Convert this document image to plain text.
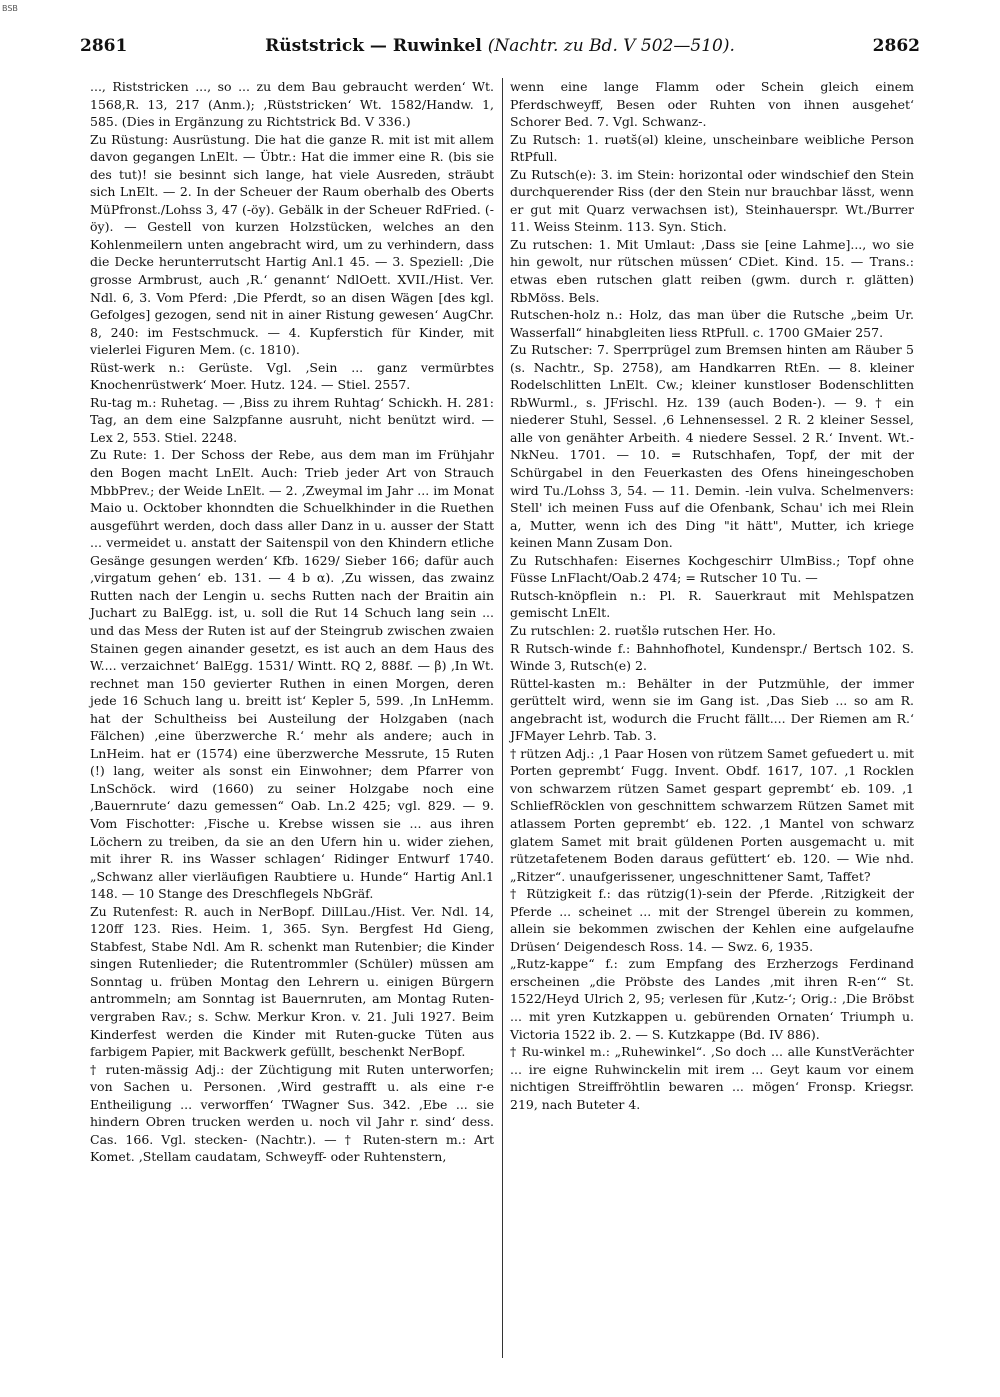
BSB
2861	Rüststrick — Ruwinkel (Nachtr. zu Bd. V 502—510).	2862

..., Riststricken ..., so ... zu dem Bau gebraucht werden‘ Wt. 1568,R. 13, 217 (Anm.); ‚Rüststricken‘ Wt. 1582/Handw. 1, 585. (Dies in Ergänzung zu Richtstrick Bd. V 336.)

Zu Rüstung: Ausrüstung. Die hat die ganze R. mit ist mit allem davon gegangen LnElt. — Übtr.: Hat die immer eine R. (bis sie des tut)! sie besinnt sich lange, hat viele Ausreden, sträubt sich LnElt. — 2. In der Scheuer der Raum oberhalb des Oberts MüPfronst./Lohss 3, 47 (-öy). Gebälk in der Scheuer RdFried. (-öy). — Gestell von kurzen Holzstücken, welches an den Kohlenmeilern unten angebracht wird, um zu verhindern, dass die Decke herunterrutscht Hartig Anl.1 45. — 3. Speziell: ‚Die grosse Armbrust, auch ‚R.‘ genannt‘ NdlOett. XVII./Hist. Ver. Ndl. 6, 3. Vom Pferd: ‚Die Pferdt, so an disen Wägen [des kgl. Gefolges] gezogen, send nit in ainer Ristung gewesen‘ AugChr. 8, 240: im Festschmuck. — 4. Kupferstich für Kinder, mit vielerlei Figuren Mem. (c. 1810).

Rüst-werk n.: Gerüste. Vgl. ‚Sein ... ganz vermürbtes Knochenrüstwerk‘ Moer. Hutz. 124. — Stiel. 2557.

Ru-tag m.: Ruhetag. — ‚Biss zu ihrem Ruhtag‘ Schickh. H. 281: Tag, an dem eine Salzpfanne ausruht, nicht benützt wird. — Lex 2, 553. Stiel. 2248.

Zu Rute: 1. Der Schoss der Rebe, aus dem man im Frühjahr den Bogen macht LnElt. Auch: Trieb jeder Art von Strauch MbbPrev.; der Weide LnElt. — 2. ‚Zweymal im Jahr ... im Monat Maio u. Ocktober khonndten die Schuelkhinder in die Ruethen ausgeführt werden, doch dass aller Danz in u. ausser der Statt ... vermeidet u. anstatt der Saitenspil von den Khindern etliche Gesänge gesungen werden‘ Kfb. 1629/ Sieber 166; dafür auch ‚virgatum gehen‘ eb. 131. — 4 b α). ‚Zu wissen, das zwainz Rutten nach der Lengin u. sechs Rutten nach der Braitin ain Juchart zu BalEgg. ist, u. soll die Rut 14 Schuch lang sein ... und das Mess der Ruten ist auf der Steingrub zwischen zwaien Stainen gegen ainander gesetzt, es ist auch an dem Haus des W.... verzaichnet‘ BalEgg. 1531/ Wintt. RQ 2, 888f. — β) ‚In Wt. rechnet man 150 gevierter Ruthen in einen Morgen, deren jede 16 Schuch lang u. breitt ist‘ Kepler 5, 599. ‚In LnHemm. hat der Schultheiss bei Austeilung der Holzgaben (nach Fälchen) ‚eine überzwerche R.‘ mehr als andere; auch in LnHeim. hat er (1574) eine überzwerche Messrute, 15 Ruten (!) lang, weiter als sonst ein Einwohner; dem Pfarrer von LnSchöck. wird (1660) zu seiner Holzgabe noch eine ‚Bauernrute‘ dazu gemessen“ Oab. Ln.2 425; vgl. 829. — 9. Vom Fischotter: ‚Fische u. Krebse wissen sie ... aus ihren Löchern zu treiben, da sie an den Ufern hin u. wider ziehen, mit ihrer R. ins Wasser schlagen‘ Ridinger Entwurf 1740. „Schwanz aller vierläufigen Raubtiere u. Hunde“ Hartig Anl.1 148. — 10 Stange des Dreschflegels NbGräf.

Zu Rutenfest: R. auch in NerBopf. DillLau./Hist. Ver. Ndl. 14, 120ff 123. Ries. Heim. 1, 365. Syn. Bergfest Hd Gieng, Stabfest, Stabe Ndl. Am R. schenkt man Rutenbier; die Kinder singen Rutenlieder; die Rutentrommler (Schüler) müssen am Sonntag u. früben Montag den Lehrern u. einigen Bürgern antrommeln; am Sonntag ist Bauernruten, am Montag Ruten-vergraben Rav.; s. Schw. Merkur Kron. v. 21. Juli 1927. Beim Kinderfest werden die Kinder mit Ruten-gucke Tüten aus farbigem Papier, mit Backwerk gefüllt, beschenkt NerBopf.

† ruten-mässig Adj.: der Züchtigung mit Ruten unterworfen; von Sachen u. Personen. ‚Wird gestrafft u. als eine r-e Entheiligung ... verworffen‘ TWagner Sus. 342. ‚Ebe ... sie hindern Obren trucken werden u. noch vil Jahr r. sind‘ dess. Cas. 166. Vgl. stecken- (Nachtr.). — † Ruten-stern m.: Art Komet. ‚Stellam caudatam, Schweyff- oder Ruhtenstern,

wenn eine lange Flamm oder Schein gleich einem Pferdschweyff, Besen oder Ruhten von ihnen ausgehet‘ Schorer Bed. 7. Vgl. Schwanz-.

Zu Rutsch: 1. ruəts̆(əl) kleine, unscheinbare weibliche Person RtPfull.

Zu Rutsch(e): 3. im Stein: horizontal oder windschief den Stein durchquerender Riss (der den Stein nur brauchbar lässt, wenn er gut mit Quarz verwachsen ist), Steinhauerspr. Wt./Burrer 11. Weiss Steinm. 113. Syn. Stich.

Zu rutschen: 1. Mit Umlaut: ‚Dass sie [eine Lahme]..., wo sie hin gewolt, nur rütschen müssen‘ CDiet. Kind. 15. — Trans.: etwas eben rutschen glatt reiben (gwm. durch r. glätten) RbMöss. Bels.

Rutschen-holz n.: Holz, das man über die Rutsche „beim Ur. Wasserfall“ hinabgleiten liess RtPfull. c. 1700 GMaier 257.

Zu Rutscher: 7. Sperrprügel zum Bremsen hinten am Räuber 5 (s. Nachtr., Sp. 2758), am Handkarren RtEn. — 8. kleiner Rodelschlitten LnElt. Cw.; kleiner kunstloser Bodenschlitten RbWurml., s. JFrischl. Hz. 139 (auch Boden-). — 9. † ein niederer Stuhl, Sessel. ‚6 Lehnensessel. 2 R. 2 kleiner Sessel, alle von genähter Arbeith. 4 niedere Sessel. 2 R.‘ Invent. Wt.-NkNeu. 1701. — 10. = Rutschhafen, Topf, der mit der Schürgabel in den Feuerkasten des Ofens hineingeschoben wird Tu./Lohss 3, 54. — 11. Demin. -lein vulva. Schelmenvers: Stell' ich meinen Fuss auf die Ofenbank, Schau' ich mei Rlein a, Mutter, wenn ich des Ding "it hätt", Mutter, ich kriege keinen Mann Zusam Don.

Zu Rutschhafen: Eisernes Kochgeschirr UlmBiss.; Topf ohne Füsse LnFlacht/Oab.2 474; = Rutscher 10 Tu. —

Rutsch-knöpflein n.: Pl. R. Sauerkraut mit Mehlspatzen gemischt LnElt.

Zu rutschlen: 2. ruətšlə rutschen Her. Ho.

R Rutsch-winde f.: Bahnhofhotel, Kundenspr./ Bertsch 102. S. Winde 3, Rutsch(e) 2.

Rüttel-kasten m.: Behälter in der Putzmühle, der immer gerüttelt wird, wenn sie im Gang ist. ‚Das Sieb ... so am R. angebracht ist, wodurch die Frucht fällt.... Der Riemen am R.‘ JFMayer Lehrb. Tab. 3.

† rützen Adj.: ‚1 Paar Hosen von rützem Samet gefuedert u. mit Porten geprembt‘ Fugg. Invent. Obdf. 1617, 107. ‚1 Rocklen von schwarzem rützen Samet gespart geprembt‘ eb. 109. ‚1 SchliefRöcklen von geschnittem schwarzem Rützen Samet mit atlassem Porten geprembt‘ eb. 122. ‚1 Mantel von schwarz glatem Samet mit brait güldenen Porten ausgemacht u. mit rützetafetenem Boden daraus gefüttert‘ eb. 120. — Wie nhd. „Ritzer“. unaufgerissener, ungeschnittener Samt, Taffet?

† Rützigkeit f.: das rützig(1)-sein der Pferde. ‚Ritzigkeit der Pferde ... scheinet ... mit der Strengel überein zu kommen, allein sie bekommen zwischen der Kehlen eine aufgelaufne Drüsen‘ Deigendesch Ross. 14. — Swz. 6, 1935.

„Rutz-kappe“ f.: zum Empfang des Erzherzogs Ferdinand erscheinen „die Pröbste des Landes ‚mit ihren R-en‘“ St. 1522/Heyd Ulrich 2, 95; verlesen für ‚Kutz-‘; Orig.: ‚Die Bröbst ... mit yren Kutzkappen u. gebürenden Ornaten‘ Triumph u. Victoria 1522 ib. 2. — S. Kutzkappe (Bd. IV 886).

† Ru-winkel m.: „Ruhewinkel“. ‚So doch ... alle KunstVerächter ... ire eigne Ruhwinckelin mit irem ... Geyt kaum vor einem nichtigen Streiffröhtlin bewaren ... mögen‘ Fronsp. Kriegsr. 219, nach Buteter 4.
